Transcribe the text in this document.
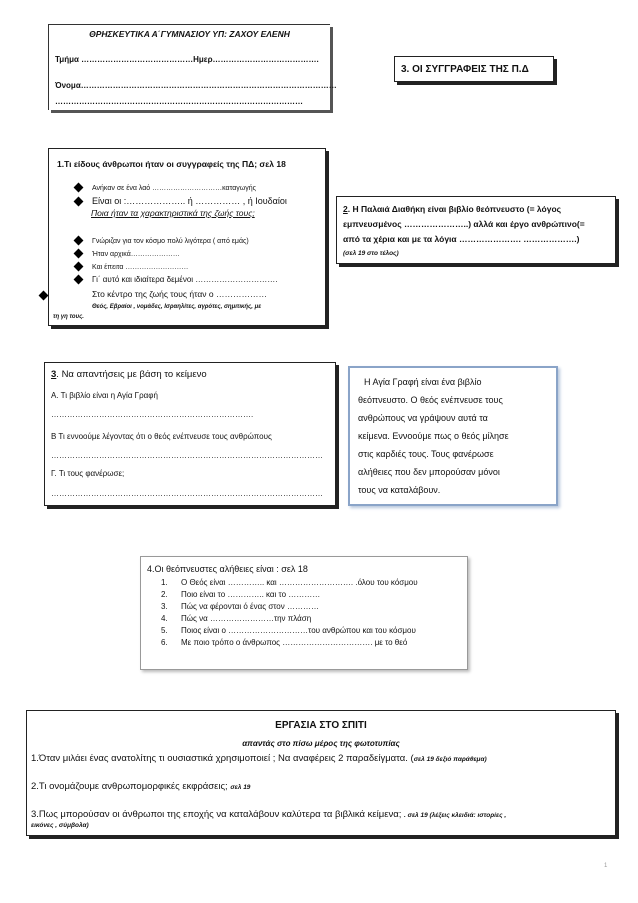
ΘΡΗΣΚΕΥΤΙΚΑ Α΄ΓΥΜΝΑΣΙΟΥ ΥΠ: ΖΑΧΟΥ ΕΛΕΝΗ
Τμήμα ……………………………………Ημερ………………………………….
Όνομα……………………………………………………………………………………
…………………………………………………………………………………
3. ΟΙ ΣΥΓΓΡΑΦΕΙΣ ΤΗΣ Π.Δ
1.Τι είδους άνθρωποι ήταν οι συγγραφείς της ΠΔ; σελ 18
Ανήκαν σε ένα λαό …………………………καταγωγής
Είναι οι :……………….. ή …………… , ή Ιουδαίοι
Ποια ήταν τα χαρακτηριστικά της ζωής τους;
Γνώριζαν για τον κόσμο πολύ λιγότερα ( από εμάς)
Ήταν αρχικά…………………
Και έπειτα ………………………
Γι΄ αυτό και ιδιαίτερα δεμένοι ………………………….
Στο κέντρο της ζωής τους ήταν ο ………………
Θεός, Εβραίοι , νομάδες, Ισραηλίτες, αγρότες, σημιτικής, με
τη γη τους.
2. Η Παλαιά Διαθήκη είναι βιβλίο θεόπνευστο (= λόγος
εμπνευσμένος …………………..) αλλά και έργο ανθρώπινο(=
από τα χέρια και με τα λόγια …………………. ……………….)
(σελ 19 στο τέλος)
3. Να απαντήσεις με βάση το κείμενο
Α. Τι βιβλίο είναι η Αγία Γραφή
………………………………………………………………….
Β Τι εννοούμε λέγοντας ότι ο θεός ενέπνευσε τους ανθρώπους
…………………………………………………………………………………………
Γ. Τι τους φανέρωσε;
…………………………………………………………………………………………
Η Αγία Γραφή είναι ένα βιβλίο
θεόπνευστο. Ο θεός ενέπνευσε τους
ανθρώπους να γράψουν αυτά τα
κείμενα. Εννοούμε πως ο θεός μίλησε
στις καρδιές τους. Τους φανέρωσε
αλήθειες που δεν μπορούσαν μόνοι
τους να καταλάβουν.
4.Οι θεόπνευστες αλήθειες είναι : σελ 18
1. Ο Θεός είναι ………….. και ………………………. .όλου του κόσμου
2. Ποιο είναι το ………….. και το …………
3. Πώς να φέρονται ό ένας στον …………
4. Πώς να ……………………την πλάση
5. Ποιος είναι ο …………………………του ανθρώπου και του κόσμου
6. Με ποιο τρόπο ο άνθρωπος ……………………………. με το θεό
ΕΡΓΑΣΙΑ ΣΤΟ ΣΠΙΤΙ
απαντάς στο πίσω μέρος της φωτοτυπίας
1.Όταν μιλάει ένας ανατολίτης τι ουσιαστικά χρησιμοποιεί ; Να αναφέρεις 2 παραδείγματα. (σελ 19 δεξιό παράθεμα)
2.Τι ονομάζουμε ανθρωπομορφικές εκφράσεις; σελ 19
3.Πως μπορούσαν οι άνθρωποι της εποχής να καταλάβουν καλύτερα τα βιβλικά κείμενα; . σελ 19 (λέξεις κλειδιά: ιστορίες ,
εικόνες , σύμβολα)
1
